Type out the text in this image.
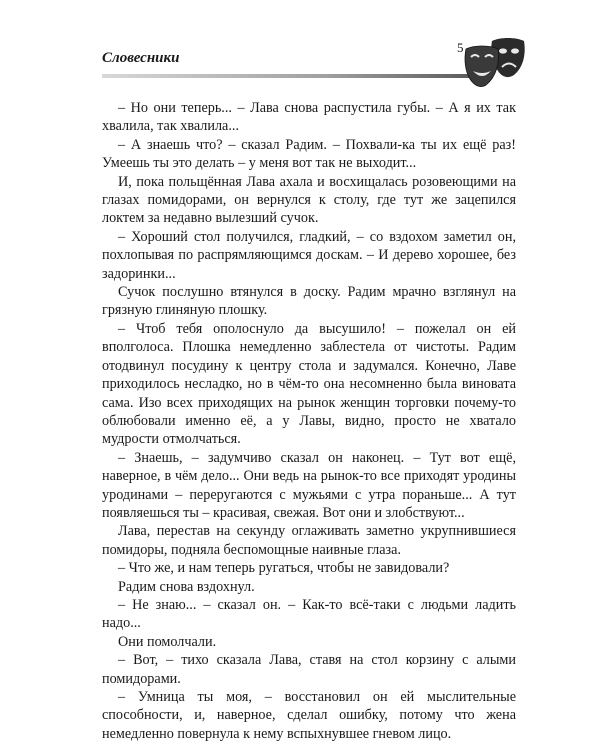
Словесники
5

– Но они теперь... – Лава снова распустила губы. – А я их так хвалила, так хвалила...

– А знаешь что? – сказал Радим. – Похвали-ка ты их ещё раз! Умеешь ты это делать – у меня вот так не выходит...

И, пока польщённая Лава ахала и восхищалась розовеющими на глазах помидорами, он вернулся к столу, где тут же зацепился локтем за недавно вылезший сучок.

– Хороший стол получился, гладкий, – со вздохом заметил он, похлопывая по распрямляющимся доскам. – И дерево хорошее, без задоринки...

Сучок послушно втянулся в доску. Радим мрачно взглянул на грязную глиняную плошку.

– Чтоб тебя ополоснуло да высушило! – пожелал он ей вполголоса. Плошка немедленно заблестела от чистоты. Радим отодвинул посудину к центру стола и задумался. Конечно, Лаве приходилось несладко, но в чём-то она несомненно была виновата сама. Изо всех приходящих на рынок женщин торговки почему-то облюбовали именно её, а у Лавы, видно, просто не хватало мудрости отмолчаться.

– Знаешь, – задумчиво сказал он наконец. – Тут вот ещё, наверное, в чём дело... Они ведь на рынок-то все приходят уродины уродинами – переругаются с мужьями с утра пораньше... А тут появляешься ты – красивая, свежая. Вот они и злобствуют...

Лава, перестав на секунду оглаживать заметно укрупнившиеся помидоры, подняла беспомощные наивные глаза.

– Что же, и нам теперь ругаться, чтобы не завидовали?

Радим снова вздохнул.

– Не знаю... – сказал он. – Как-то всё-таки с людьми ладить надо...

Они помолчали.

– Вот, – тихо сказала Лава, ставя на стол корзину с алыми помидорами.

– Умница ты моя, – восстановил он ей мыслительные способности, и, наверное, сделал ошибку, потому что жена немедленно повернула к нему вспыхнувшее гневом лицо.
